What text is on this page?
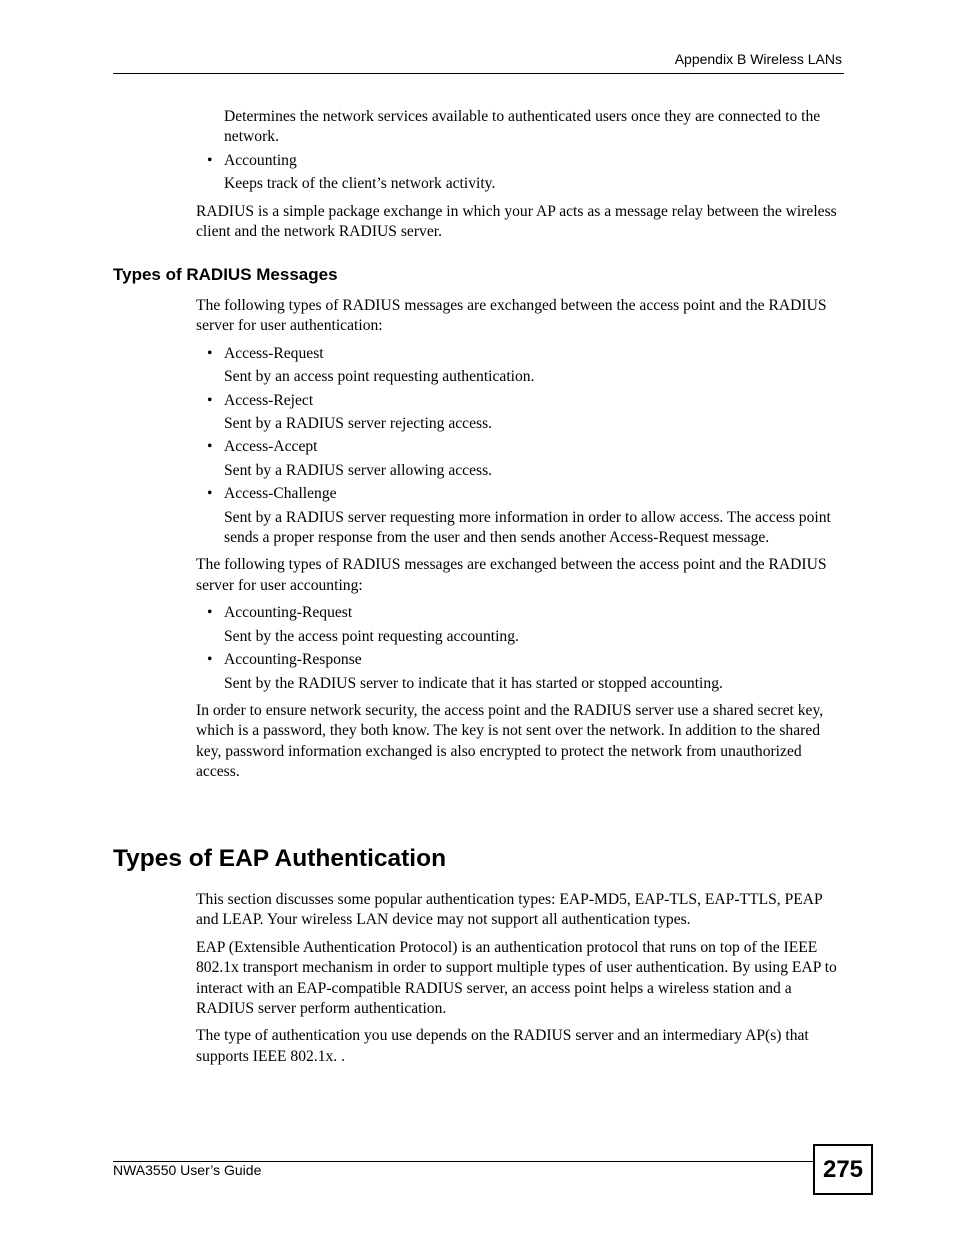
Appendix B Wireless LANs

Determines the network services available to authenticated users once they are connected to the network.

• Accounting

Keeps track of the client’s network activity.

RADIUS is a simple package exchange in which your AP acts as a message relay between the wireless client and the network RADIUS server.

Types of RADIUS Messages

The following types of RADIUS messages are exchanged between the access point and the RADIUS server for user authentication:

• Access-Request

Sent by an access point requesting authentication.

• Access-Reject

Sent by a RADIUS server rejecting access.

• Access-Accept

Sent by a RADIUS server allowing access.

• Access-Challenge

Sent by a RADIUS server requesting more information in order to allow access. The access point sends a proper response from the user and then sends another Access-Request message.

The following types of RADIUS messages are exchanged between the access point and the RADIUS server for user accounting:

• Accounting-Request

Sent by the access point requesting accounting.

• Accounting-Response

Sent by the RADIUS server to indicate that it has started or stopped accounting.

In order to ensure network security, the access point and the RADIUS server use a shared secret key, which is a password, they both know. The key is not sent over the network. In addition to the shared key, password information exchanged is also encrypted to protect the network from unauthorized access.

Types of EAP Authentication

This section discusses some popular authentication types: EAP-MD5, EAP-TLS, EAP-TTLS, PEAP and LEAP. Your wireless LAN device may not support all authentication types.

EAP (Extensible Authentication Protocol) is an authentication protocol that runs on top of the IEEE 802.1x transport mechanism in order to support multiple types of user authentication. By using EAP to interact with an EAP-compatible RADIUS server, an access point helps a wireless station and a RADIUS server perform authentication.

The type of authentication you use depends on the RADIUS server and an intermediary AP(s) that supports IEEE 802.1x. .

NWA3550 User’s Guide	275
